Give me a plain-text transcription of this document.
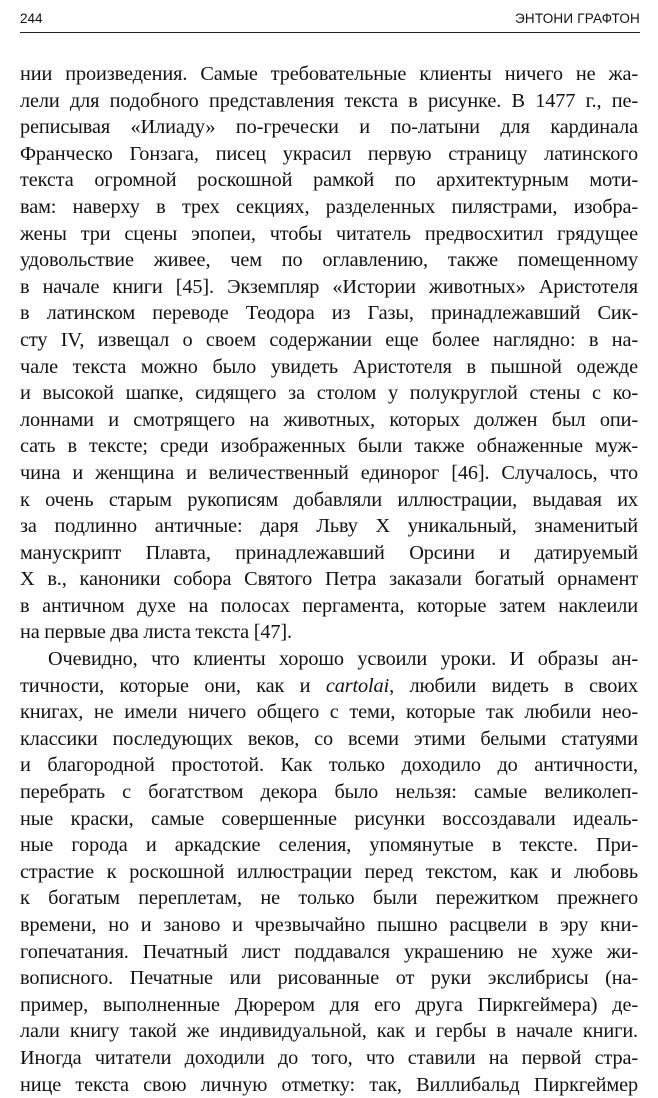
244	ЭНТОНИ ГРАФТОН
нии произведения. Самые требовательные клиенты ничего не жа-
лели для подобного представления текста в рисунке. В 1477 г., пе-
реписывая «Илиаду» по-гречески и по-латыни для кардинала
Франческо Гонзага, писец украсил первую страницу латинского
текста огромной роскошной рамкой по архитектурным моти-
вам: наверху в трех секциях, разделенных пилястрами, изобра-
жены три сцены эпопеи, чтобы читатель предвосхитил грядущее
удовольствие живее, чем по оглавлению, также помещенному
в начале книги [45]. Экземпляр «Истории животных» Аристотеля
в латинском переводе Теодора из Газы, принадлежавший Сик-
сту IV, извещал о своем содержании еще более наглядно: в на-
чале текста можно было увидеть Аристотеля в пышной одежде
и высокой шапке, сидящего за столом у полукруглой стены с ко-
лоннами и смотрящего на животных, которых должен был опи-
сать в тексте; среди изображенных были также обнаженные муж-
чина и женщина и величественный единорог [46]. Случалось, что
к очень старым рукописям добавляли иллюстрации, выдавая их
за подлинно античные: даря Льву X уникальный, знаменитый
манускрипт Плавта, принадлежавший Орсини и датируемый
X в., каноники собора Святого Петра заказали богатый орнамент
в античном духе на полосах пергамента, которые затем наклеили
на первые два листа текста [47].
Очевидно, что клиенты хорошо усвоили уроки. И образы ан-
тичности, которые они, как и cartolai, любили видеть в своих
книгах, не имели ничего общего с теми, которые так любили нео-
классики последующих веков, со всеми этими белыми статуями
и благородной простотой. Как только доходило до античности,
перебрать с богатством декора было нельзя: самые великолеп-
ные краски, самые совершенные рисунки воссоздавали идеаль-
ные города и аркадские селения, упомянутые в тексте. При-
страстие к роскошной иллюстрации перед текстом, как и любовь
к богатым переплетам, не только были пережитком прежнего
времени, но и заново и чрезвычайно пышно расцвели в эру кни-
гопечатания. Печатный лист поддавался украшению не хуже жи-
вописного. Печатные или рисованные от руки экслибрисы (на-
пример, выполненные Дюрером для его друга Пиркгеймера) де-
лали книгу такой же индивидуальной, как и гербы в начале книги.
Иногда читатели доходили до того, что ставили на первой стра-
нице текста свою личную отметку: так, Виллибальд Пиркгеймер
